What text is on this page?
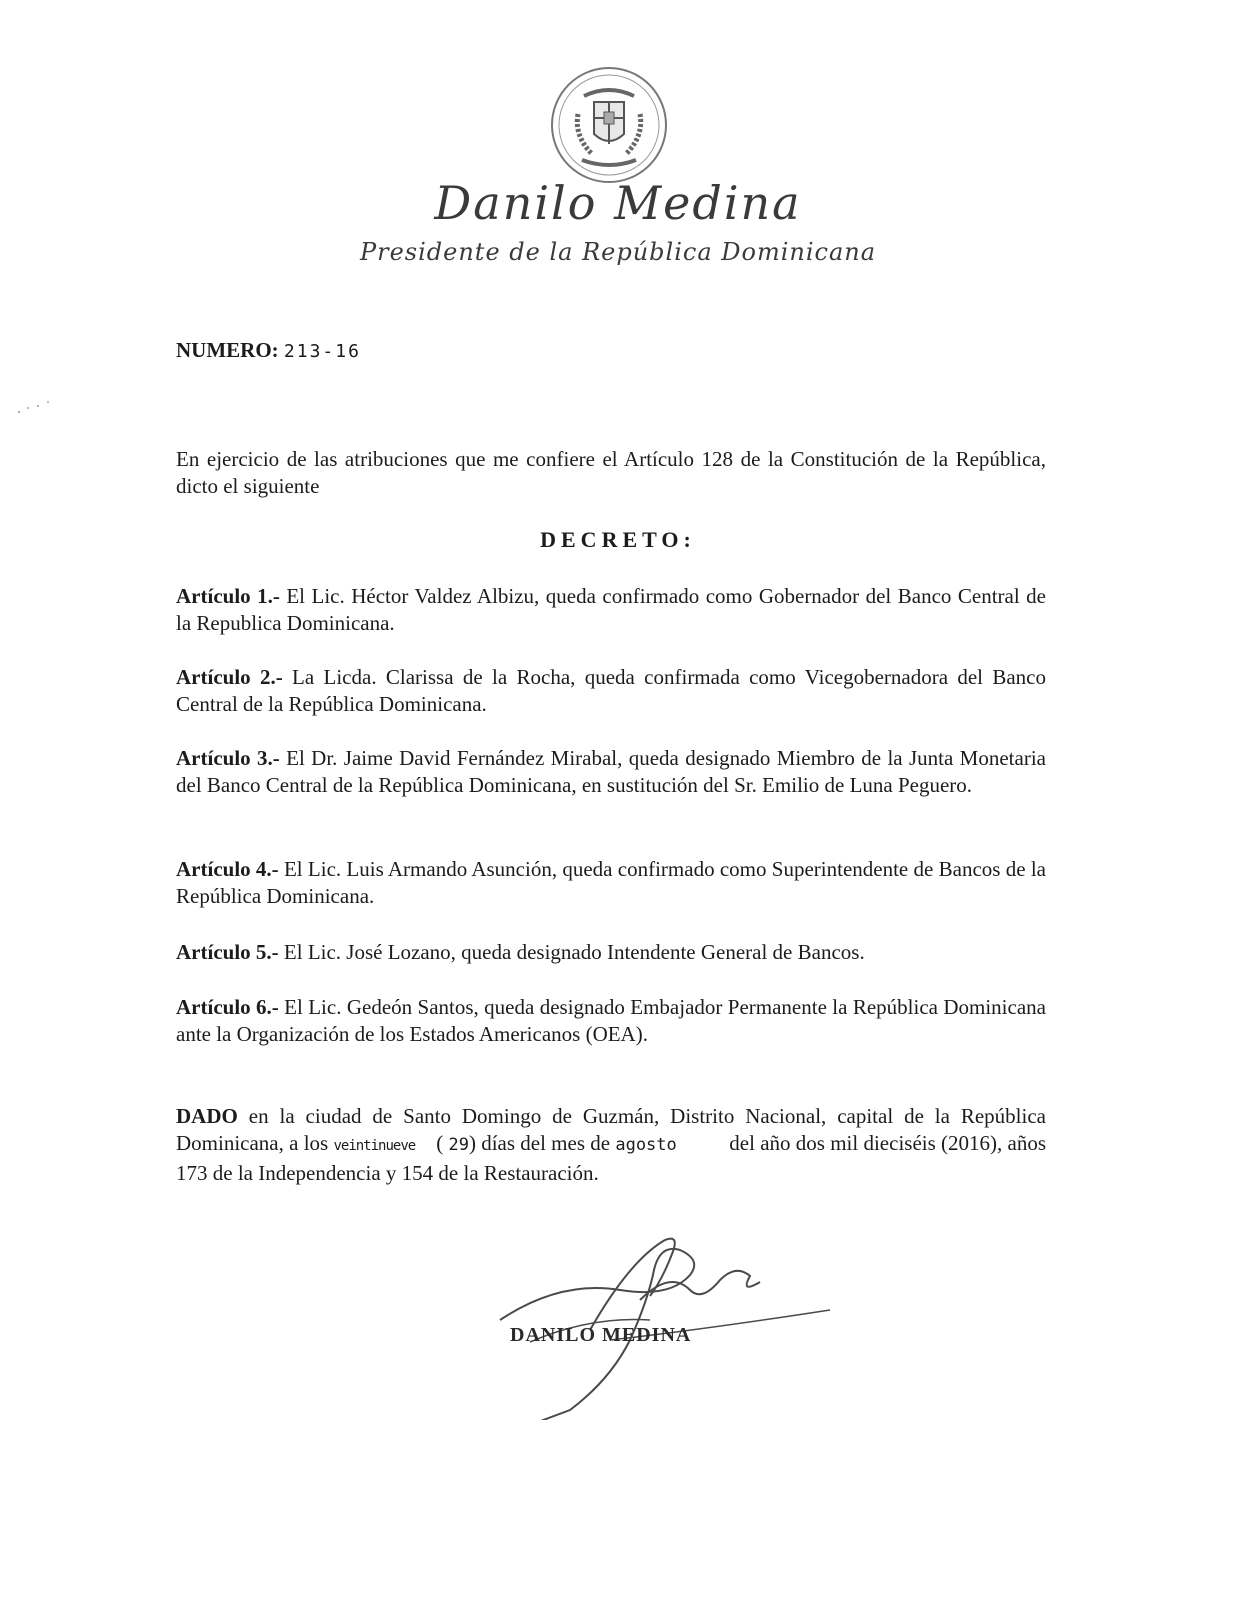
Danilo Medina
Presidente de la República Dominicana
NUMERO: 213-16
En ejercicio de las atribuciones que me confiere el Artículo 128 de la Constitución de la República, dicto el siguiente
DECRETO:
Artículo 1.- El Lic. Héctor Valdez Albizu, queda confirmado como Gobernador del Banco Central de la Republica Dominicana.
Artículo 2.- La Licda. Clarissa de la Rocha, queda confirmada como Vicegobernadora del Banco Central de la República Dominicana.
Artículo 3.- El Dr. Jaime David Fernández Mirabal, queda designado Miembro de la Junta Monetaria del Banco Central de la República Dominicana, en sustitución del Sr. Emilio de Luna Peguero.
Artículo 4.- El Lic. Luis Armando Asunción, queda confirmado como Superintendente de Bancos de la República Dominicana.
Artículo 5.- El Lic. José Lozano, queda designado Intendente General de Bancos.
Artículo 6.- El Lic. Gedeón Santos, queda designado Embajador Permanente la República Dominicana ante la Organización de los Estados Americanos (OEA).
DADO en la ciudad de Santo Domingo de Guzmán, Distrito Nacional, capital de la República Dominicana, a los veintinueve ( 29) días del mes de agosto          del año dos mil dieciséis (2016), años 173 de la Independencia y 154 de la Restauración.
DANILO MEDINA
